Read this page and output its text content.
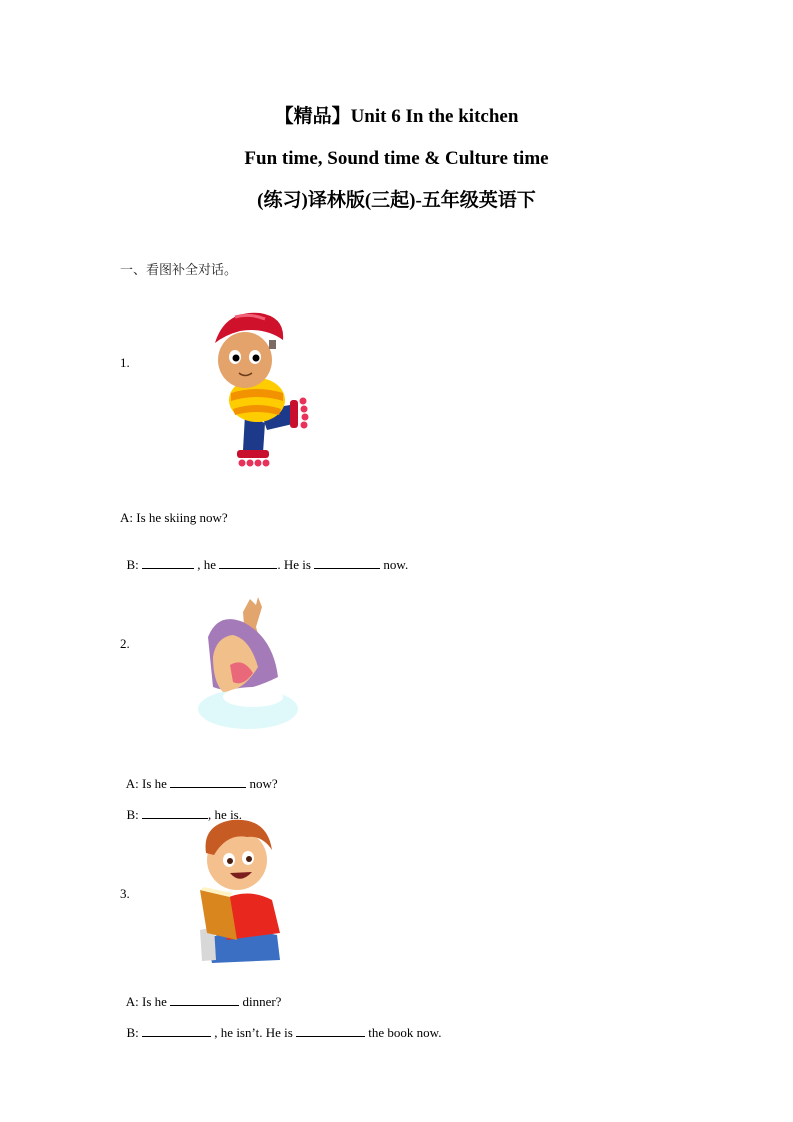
【精品】Unit 6 In the kitchen
Fun time, Sound time & Culture time
(练习)译林版(三起)-五年级英语下
一、看图补全对话。
1.
A: Is he skiing now?

B:	, he	. He is	now.

2.

A: Is he	now?

B:	, he is.

3.

A: Is he	dinner?

B:	, he isn’t. He is	the book now.
